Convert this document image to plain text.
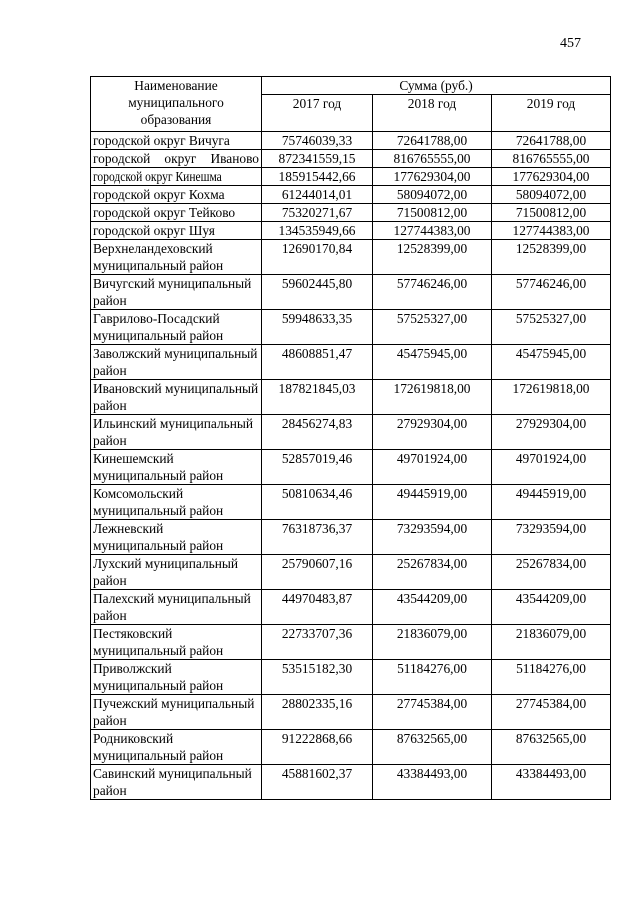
457
Наименование муниципального образования	Сумма (руб.)		
	2017 год	2018 год	2019 год

городской округ Вичуга	75746039,33	72641788,00	72641788,00

городской округ Иваново	872341559,15	816765555,00	816765555,00
городской округ Кинешма	185915442,66	177629304,00	177629304,00

городской округ Кохма	61244014,01	58094072,00	58094072,00

городской округ Тейково	75320271,67	71500812,00	71500812,00

городской округ Шуя	134535949,66	127744383,00	127744383,00

Верхнеландеховский муниципальный район	12690170,84	12528399,00	12528399,00

Вичугский муниципальный район	59602445,80	57746246,00	57746246,00

Гаврилово-Посадский муниципальный район	59948633,35	57525327,00	57525327,00

Заволжский муниципальный район	48608851,47	45475945,00	45475945,00

Ивановский муниципальный район	187821845,03	172619818,00	172619818,00

Ильинский муниципальный район	28456274,83	27929304,00	27929304,00

Кинешемский муниципальный район	52857019,46	49701924,00	49701924,00

Комсомольский муниципальный район	50810634,46	49445919,00	49445919,00

Лежневский муниципальный район	76318736,37	73293594,00	73293594,00

Лухский муниципальный район	25790607,16	25267834,00	25267834,00

Палехский муниципальный район	44970483,87	43544209,00	43544209,00

Пестяковский муниципальный район	22733707,36	21836079,00	21836079,00

Приволжский муниципальный район	53515182,30	51184276,00	51184276,00

Пучежский муниципальный район	28802335,16	27745384,00	27745384,00

Родниковский муниципальный район	91222868,66	87632565,00	87632565,00

Савинский муниципальный район	45881602,37	43384493,00	43384493,00
